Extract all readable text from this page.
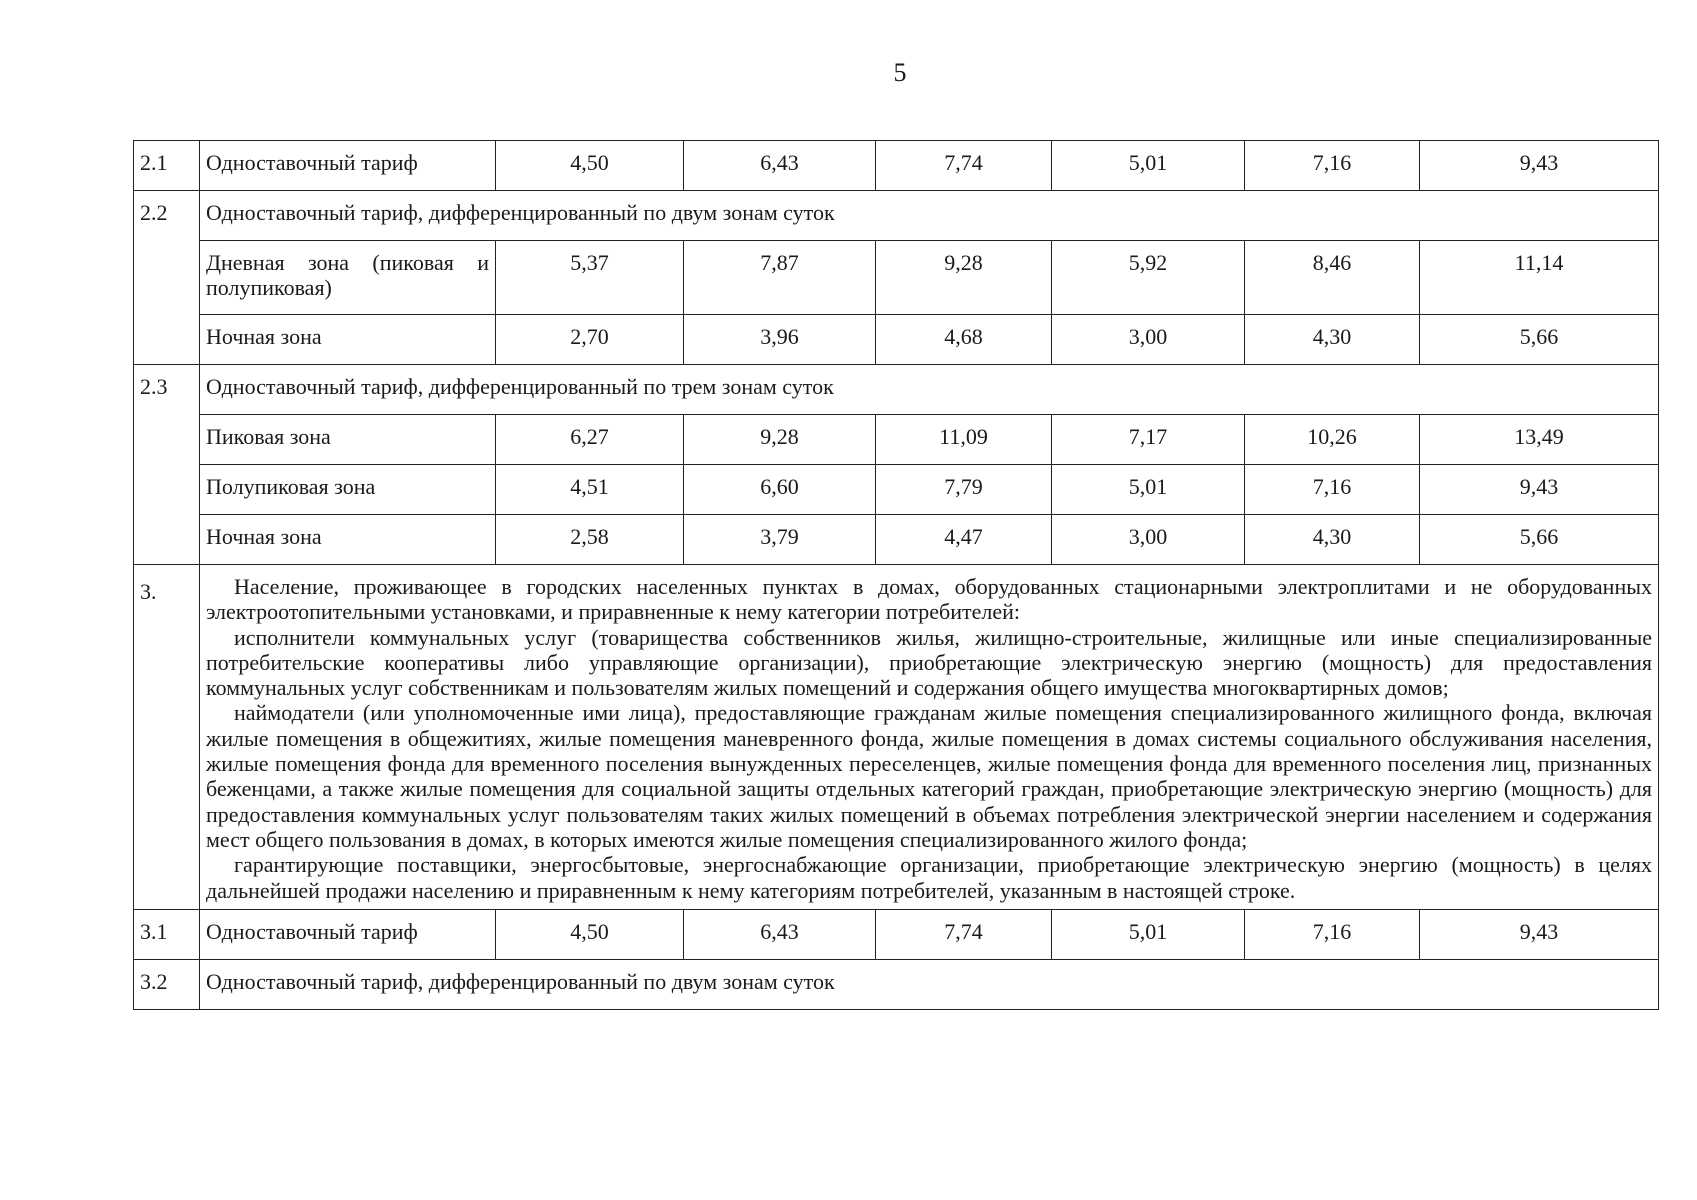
5
2.1	Одноставочный тариф	4,50	6,43	7,74	5,01	7,16	9,43
2.2	Одноставочный тариф, дифференцированный по двум зонам суток						
	Дневная зона (пиковая и полупиковая)	5,37	7,87	9,28	5,92	8,46	11,14
	Ночная зона	2,70	3,96	4,68	3,00	4,30	5,66
2.3	Одноставочный тариф, дифференцированный по трем зонам суток						
	Пиковая зона	6,27	9,28	11,09	7,17	10,26	13,49
	Полупиковая зона	4,51	6,60	7,79	5,01	7,16	9,43
	Ночная зона	2,58	3,79	4,47	3,00	4,30	5,66
3.	Население, проживающее в городских населенных пунктах в домах, оборудованных стационарными электроплитами и не оборудованных электроотопительными установками, и приравненные к нему категории потребителей:

исполнители коммунальных услуг (товарищества собственников жилья, жилищно-строительные, жилищные или иные специализированные потребительские кооперативы либо управляющие организации), приобретающие электрическую энергию (мощность) для предоставления коммунальных услуг собственникам и пользователям жилых помещений и содержания общего имущества многоквартирных домов;

наймодатели (или уполномоченные ими лица), предоставляющие гражданам жилые помещения специализированного жилищного фонда, включая жилые помещения в общежитиях, жилые помещения маневренного фонда, жилые помещения в домах системы социального обслуживания населения, жилые помещения фонда для временного поселения вынужденных переселенцев, жилые помещения фонда для временного поселения лиц, признанных беженцами, а также жилые помещения для социальной защиты отдельных категорий граждан, приобретающие электрическую энергию (мощность) для предоставления коммунальных услуг пользователям таких жилых помещений в объемах потребления электрической энергии населением и содержания мест общего пользования в домах, в которых имеются жилые помещения специализированного жилого фонда;

гарантирующие поставщики, энергосбытовые, энергоснабжающие организации, приобретающие электрическую энергию (мощность) в целях дальнейшей продажи населению и приравненным к нему категориям потребителей, указанным в настоящей строке.						

3.1	Одноставочный тариф	4,50	6,43	7,74	5,01	7,16	9,43
3.2	Одноставочный тариф, дифференцированный по двум зонам суток						
